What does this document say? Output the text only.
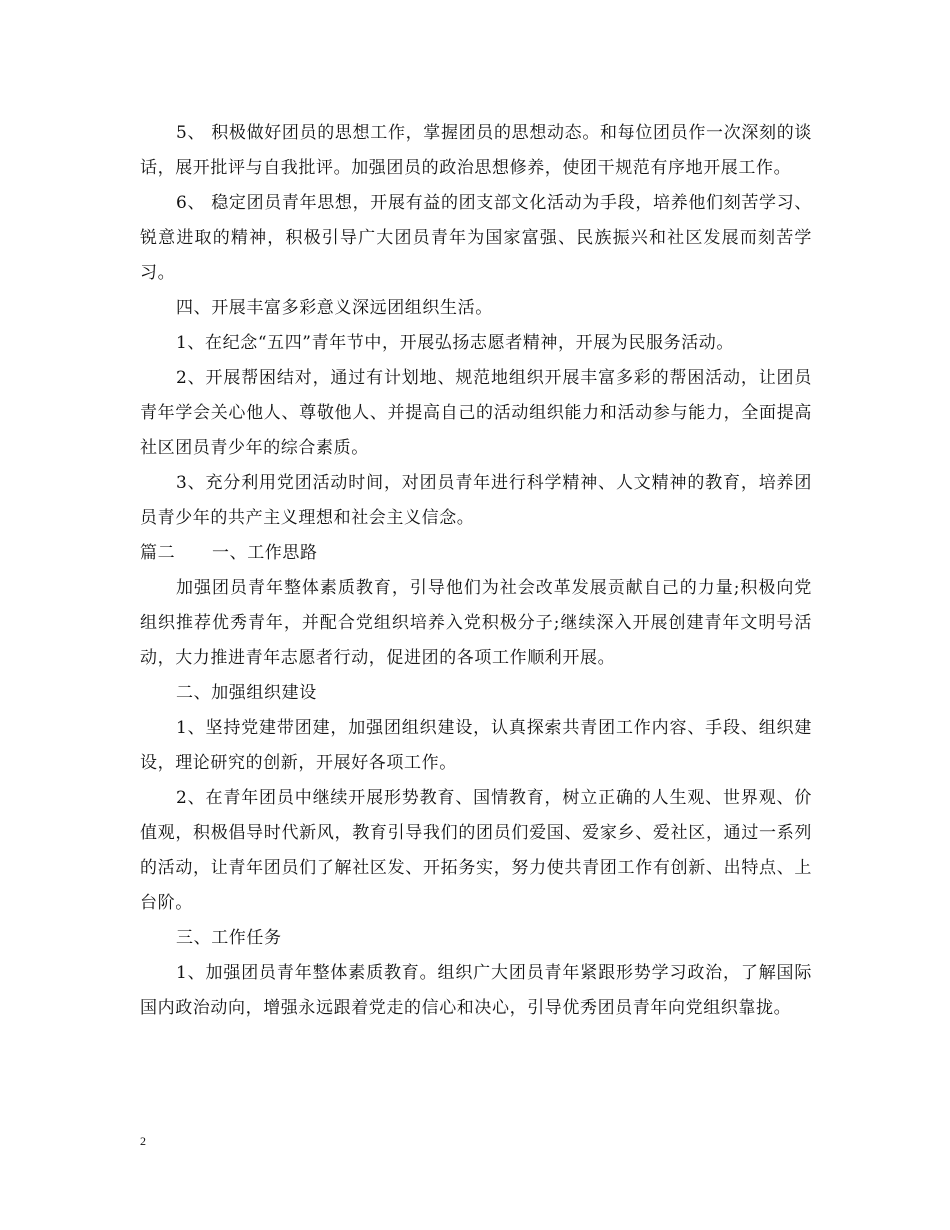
5、 积极做好团员的思想工作，掌握团员的思想动态。和每位团员作一次深刻的谈话，展开批评与自我批评。加强团员的政治思想修养，使团干规范有序地开展工作。

6、 稳定团员青年思想，开展有益的团支部文化活动为手段，培养他们刻苦学习、锐意进取的精神，积极引导广大团员青年为国家富强、民族振兴和社区发展而刻苦学习。

四、开展丰富多彩意义深远团组织生活。

1、在纪念“五四”青年节中，开展弘扬志愿者精神，开展为民服务活动。

2、开展帮困结对，通过有计划地、规范地组织开展丰富多彩的帮困活动，让团员青年学会关心他人、尊敬他人、并提高自己的活动组织能力和活动参与能力，全面提高社区团员青少年的综合素质。

3、充分利用党团活动时间，对团员青年进行科学精神、人文精神的教育，培养团员青少年的共产主义理想和社会主义信念。

篇二 一、工作思路

加强团员青年整体素质教育，引导他们为社会改革发展贡献自己的力量;积极向党组织推荐优秀青年，并配合党组织培养入党积极分子;继续深入开展创建青年文明号活动，大力推进青年志愿者行动，促进团的各项工作顺利开展。

二、加强组织建设

1、坚持党建带团建，加强团组织建设，认真探索共青团工作内容、手段、组织建设，理论研究的创新，开展好各项工作。

2、在青年团员中继续开展形势教育、国情教育，树立正确的人生观、世界观、价值观，积极倡导时代新风，教育引导我们的团员们爱国、爱家乡、爱社区，通过一系列的活动，让青年团员们了解社区发、开拓务实，努力使共青团工作有创新、出特点、上台阶。

三、工作任务

1、加强团员青年整体素质教育。组织广大团员青年紧跟形势学习政治，了解国际国内政治动向，增强永远跟着党走的信心和决心，引导优秀团员青年向党组织靠拢。

2
